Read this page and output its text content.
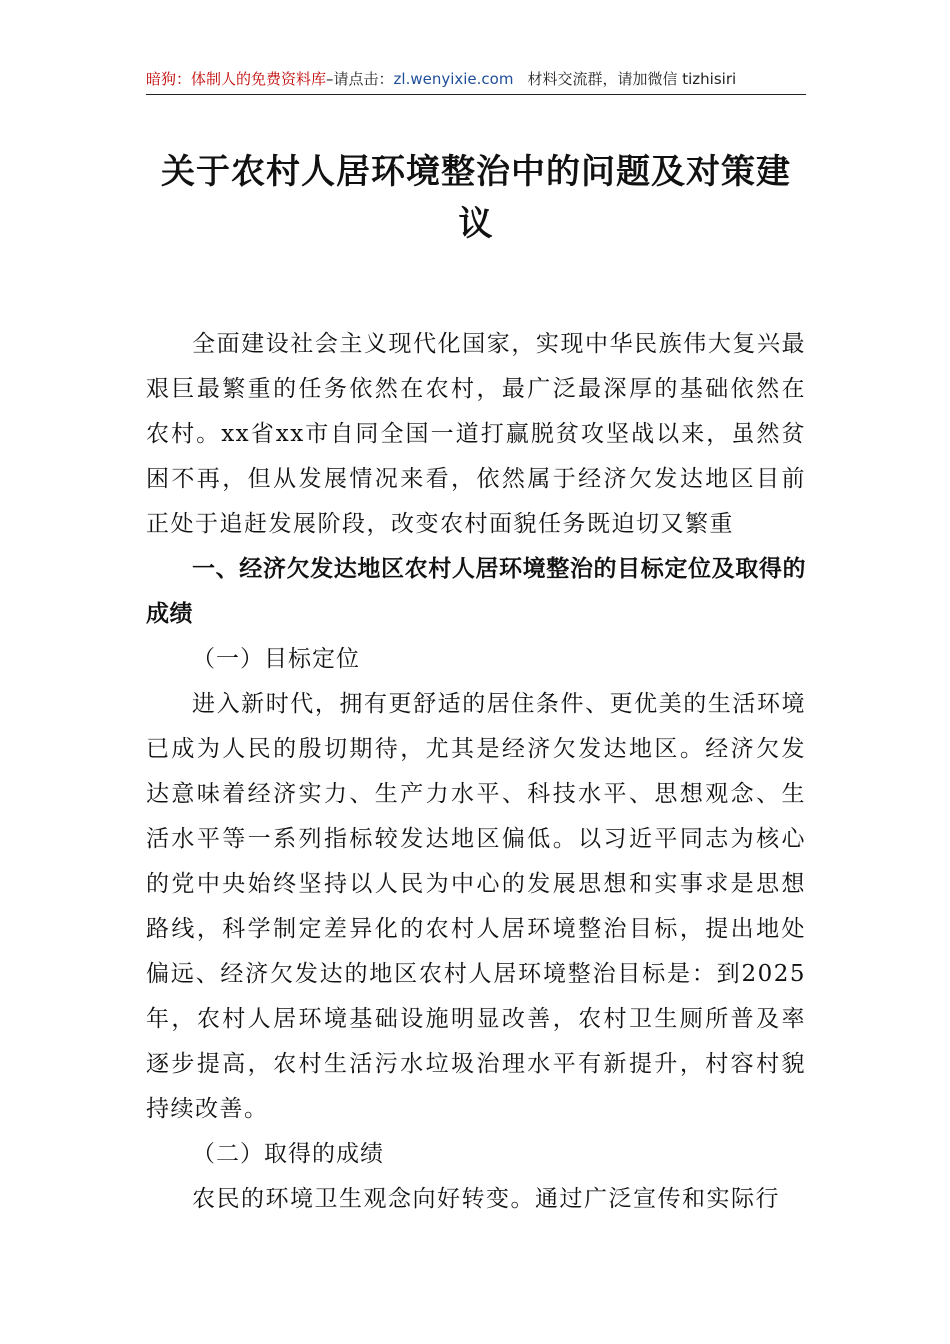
暗狗：体制人的免费资料库–请点击：zl.wenyixie.com 材料交流群，请加微信 tizhisiri
关于农村人居环境整治中的问题及对策建议

全面建设社会主义现代化国家，实现中华民族伟大复兴最艰巨最繁重的任务依然在农村，最广泛最深厚的基础依然在农村。xx省xx市自同全国一道打赢脱贫攻坚战以来，虽然贫困不再，但从发展情况来看，依然属于经济欠发达地区目前正处于追赶发展阶段，改变农村面貌任务既迫切又繁重

一、经济欠发达地区农村人居环境整治的目标定位及取得的成绩

（一）目标定位

进入新时代，拥有更舒适的居住条件、更优美的生活环境已成为人民的殷切期待，尤其是经济欠发达地区。经济欠发达意味着经济实力、生产力水平、科技水平、思想观念、生活水平等一系列指标较发达地区偏低。以习近平同志为核心的党中央始终坚持以人民为中心的发展思想和实事求是思想路线，科学制定差异化的农村人居环境整治目标，提出地处偏远、经济欠发达的地区农村人居环境整治目标是：到2025年，农村人居环境基础设施明显改善，农村卫生厕所普及率逐步提高，农村生活污水垃圾治理水平有新提升，村容村貌持续改善。

（二）取得的成绩

农民的环境卫生观念向好转变。通过广泛宣传和实际行
